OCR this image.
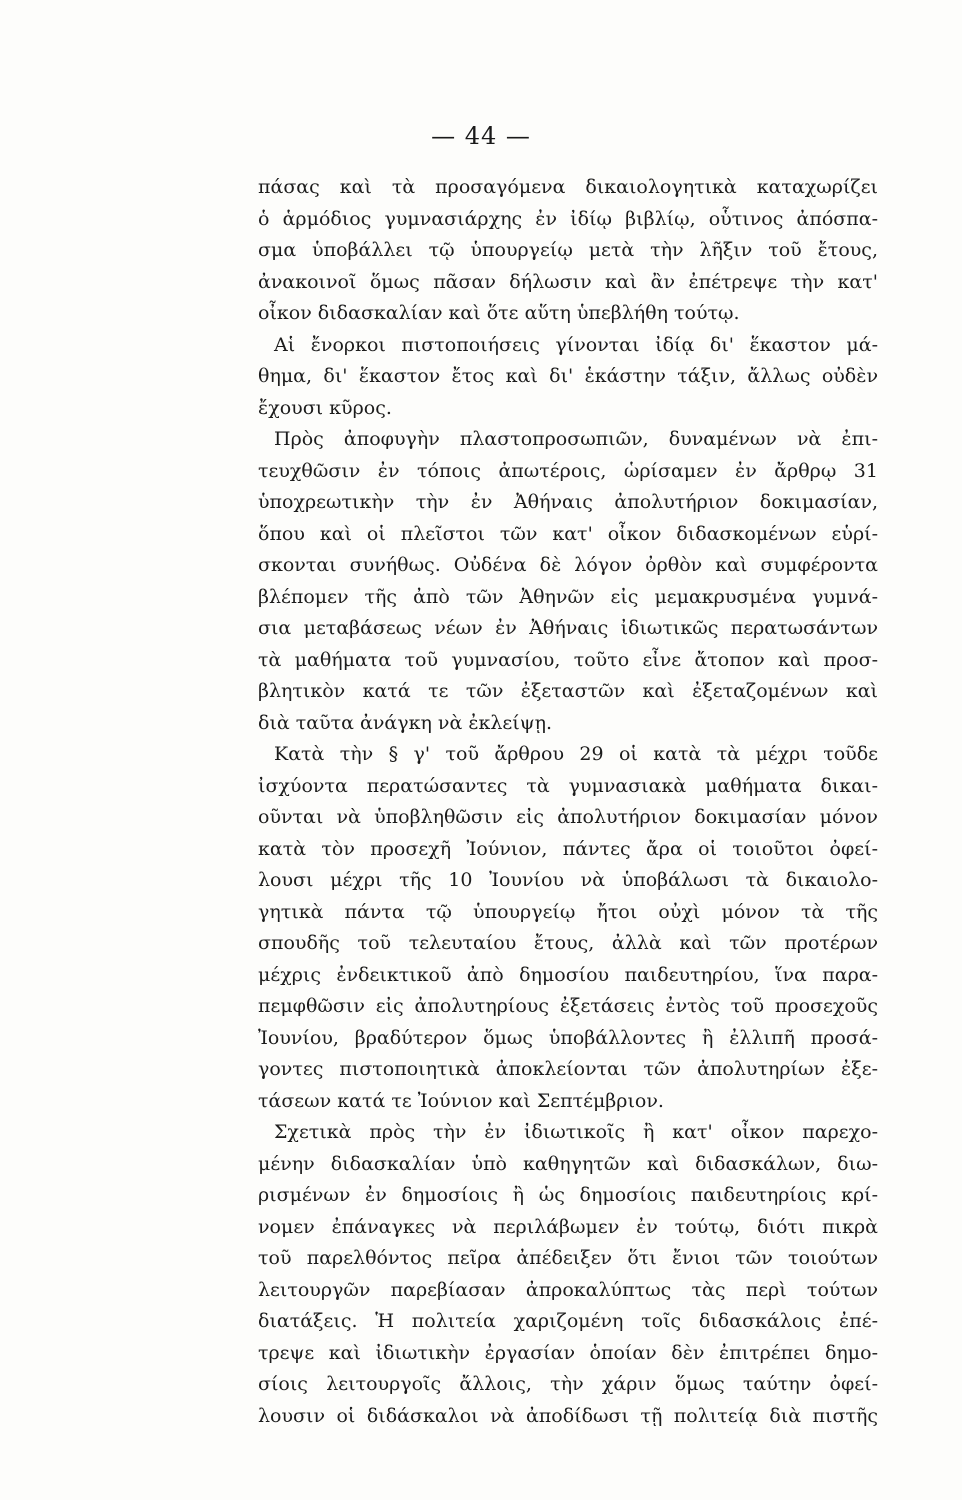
— 44 —
πάσας καὶ τὰ προσαγόμενα δικαιολογητικὰ καταχωρίζει
ὁ ἁρμόδιος γυμνασιάρχης ἐν ἰδίῳ βιβλίῳ, οὗτινος ἀπόσπα-
σμα ὑποβάλλει τῷ ὑπουργείῳ μετὰ τὴν λῆξιν τοῦ ἔτους,
ἀνακοινοῖ ὅμως πᾶσαν δήλωσιν καὶ ἂν ἐπέτρεψε τὴν κατ'
οἶκον διδασκαλίαν καὶ ὅτε αὕτη ὑπεβλήθη τούτῳ.
Αἱ ἔνορκοι πιστοποιήσεις γίνονται ἰδίᾳ δι' ἕκαστον μά-
θημα, δι' ἕκαστον ἔτος καὶ δι' ἑκάστην τάξιν, ἄλλως οὐδὲν
ἔχουσι κῦρος.
Πρὸς ἀποφυγὴν πλαστοπροσωπιῶν, δυναμένων νὰ ἐπι-
τευχθῶσιν ἐν τόποις ἀπωτέροις, ὡρίσαμεν ἐν ἄρθρῳ 31
ὑποχρεωτικὴν τὴν ἐν Ἀθήναις ἀπολυτήριον δοκιμασίαν,
ὅπου καὶ οἱ πλεῖστοι τῶν κατ' οἶκον διδασκομένων εὑρί-
σκονται συνήθως. Οὐδένα δὲ λόγον ὀρθὸν καὶ συμφέροντα
βλέπομεν τῆς ἀπὸ τῶν Ἀθηνῶν εἰς μεμακρυσμένα γυμνά-
σια μεταβάσεως νέων ἐν Ἀθήναις ἰδιωτικῶς περατωσάντων
τὰ μαθήματα τοῦ γυμνασίου, τοῦτο εἶνε ἄτοπον καὶ προσ-
βλητικὸν κατά τε τῶν ἐξεταστῶν καὶ ἐξεταζομένων καὶ
διὰ ταῦτα ἀνάγκη νὰ ἐκλείψῃ.
Κατὰ τὴν § γ' τοῦ ἄρθρου 29 οἱ κατὰ τὰ μέχρι τοῦδε
ἰσχύοντα περατώσαντες τὰ γυμνασιακὰ μαθήματα δικαι-
οῦνται νὰ ὑποβληθῶσιν εἰς ἀπολυτήριον δοκιμασίαν μόνον
κατὰ τὸν προσεχῆ Ἰούνιον, πάντες ἄρα οἱ τοιοῦτοι ὀφεί-
λουσι μέχρι τῆς 10 Ἰουνίου νὰ ὑποβάλωσι τὰ δικαιολο-
γητικὰ πάντα τῷ ὑπουργείῳ ἤτοι οὐχὶ μόνον τὰ τῆς
σπουδῆς τοῦ τελευταίου ἔτους, ἀλλὰ καὶ τῶν προτέρων
μέχρις ἐνδεικτικοῦ ἀπὸ δημοσίου παιδευτηρίου, ἵνα παρα-
πεμφθῶσιν εἰς ἀπολυτηρίους ἐξετάσεις ἐντὸς τοῦ προσεχοῦς
Ἰουνίου, βραδύτερον ὅμως ὑποβάλλοντες ἢ ἐλλιπῆ προσά-
γοντες πιστοποιητικὰ ἀποκλείονται τῶν ἀπολυτηρίων ἐξε-
τάσεων κατά τε Ἰούνιον καὶ Σεπτέμβριον.
Σχετικὰ πρὸς τὴν ἐν ἰδιωτικοῖς ἢ κατ' οἶκον παρεχο-
μένην διδασκαλίαν ὑπὸ καθηγητῶν καὶ διδασκάλων, διω-
ρισμένων ἐν δημοσίοις ἢ ὡς δημοσίοις παιδευτηρίοις κρί-
νομεν ἐπάναγκες νὰ περιλάβωμεν ἐν τούτῳ, διότι πικρὰ
τοῦ παρελθόντος πεῖρα ἀπέδειξεν ὅτι ἔνιοι τῶν τοιούτων
λειτουργῶν παρεβίασαν ἀπροκαλύπτως τὰς περὶ τούτων
διατάξεις. Ἡ πολιτεία χαριζομένη τοῖς διδασκάλοις ἐπέ-
τρεψε καὶ ἰδιωτικὴν ἐργασίαν ὁποίαν δὲν ἐπιτρέπει δημο-
σίοις λειτουργοῖς ἄλλοις, τὴν χάριν ὅμως ταύτην ὀφεί-
λουσιν οἱ διδάσκαλοι νὰ ἀποδίδωσι τῇ πολιτείᾳ διὰ πιστῆς
